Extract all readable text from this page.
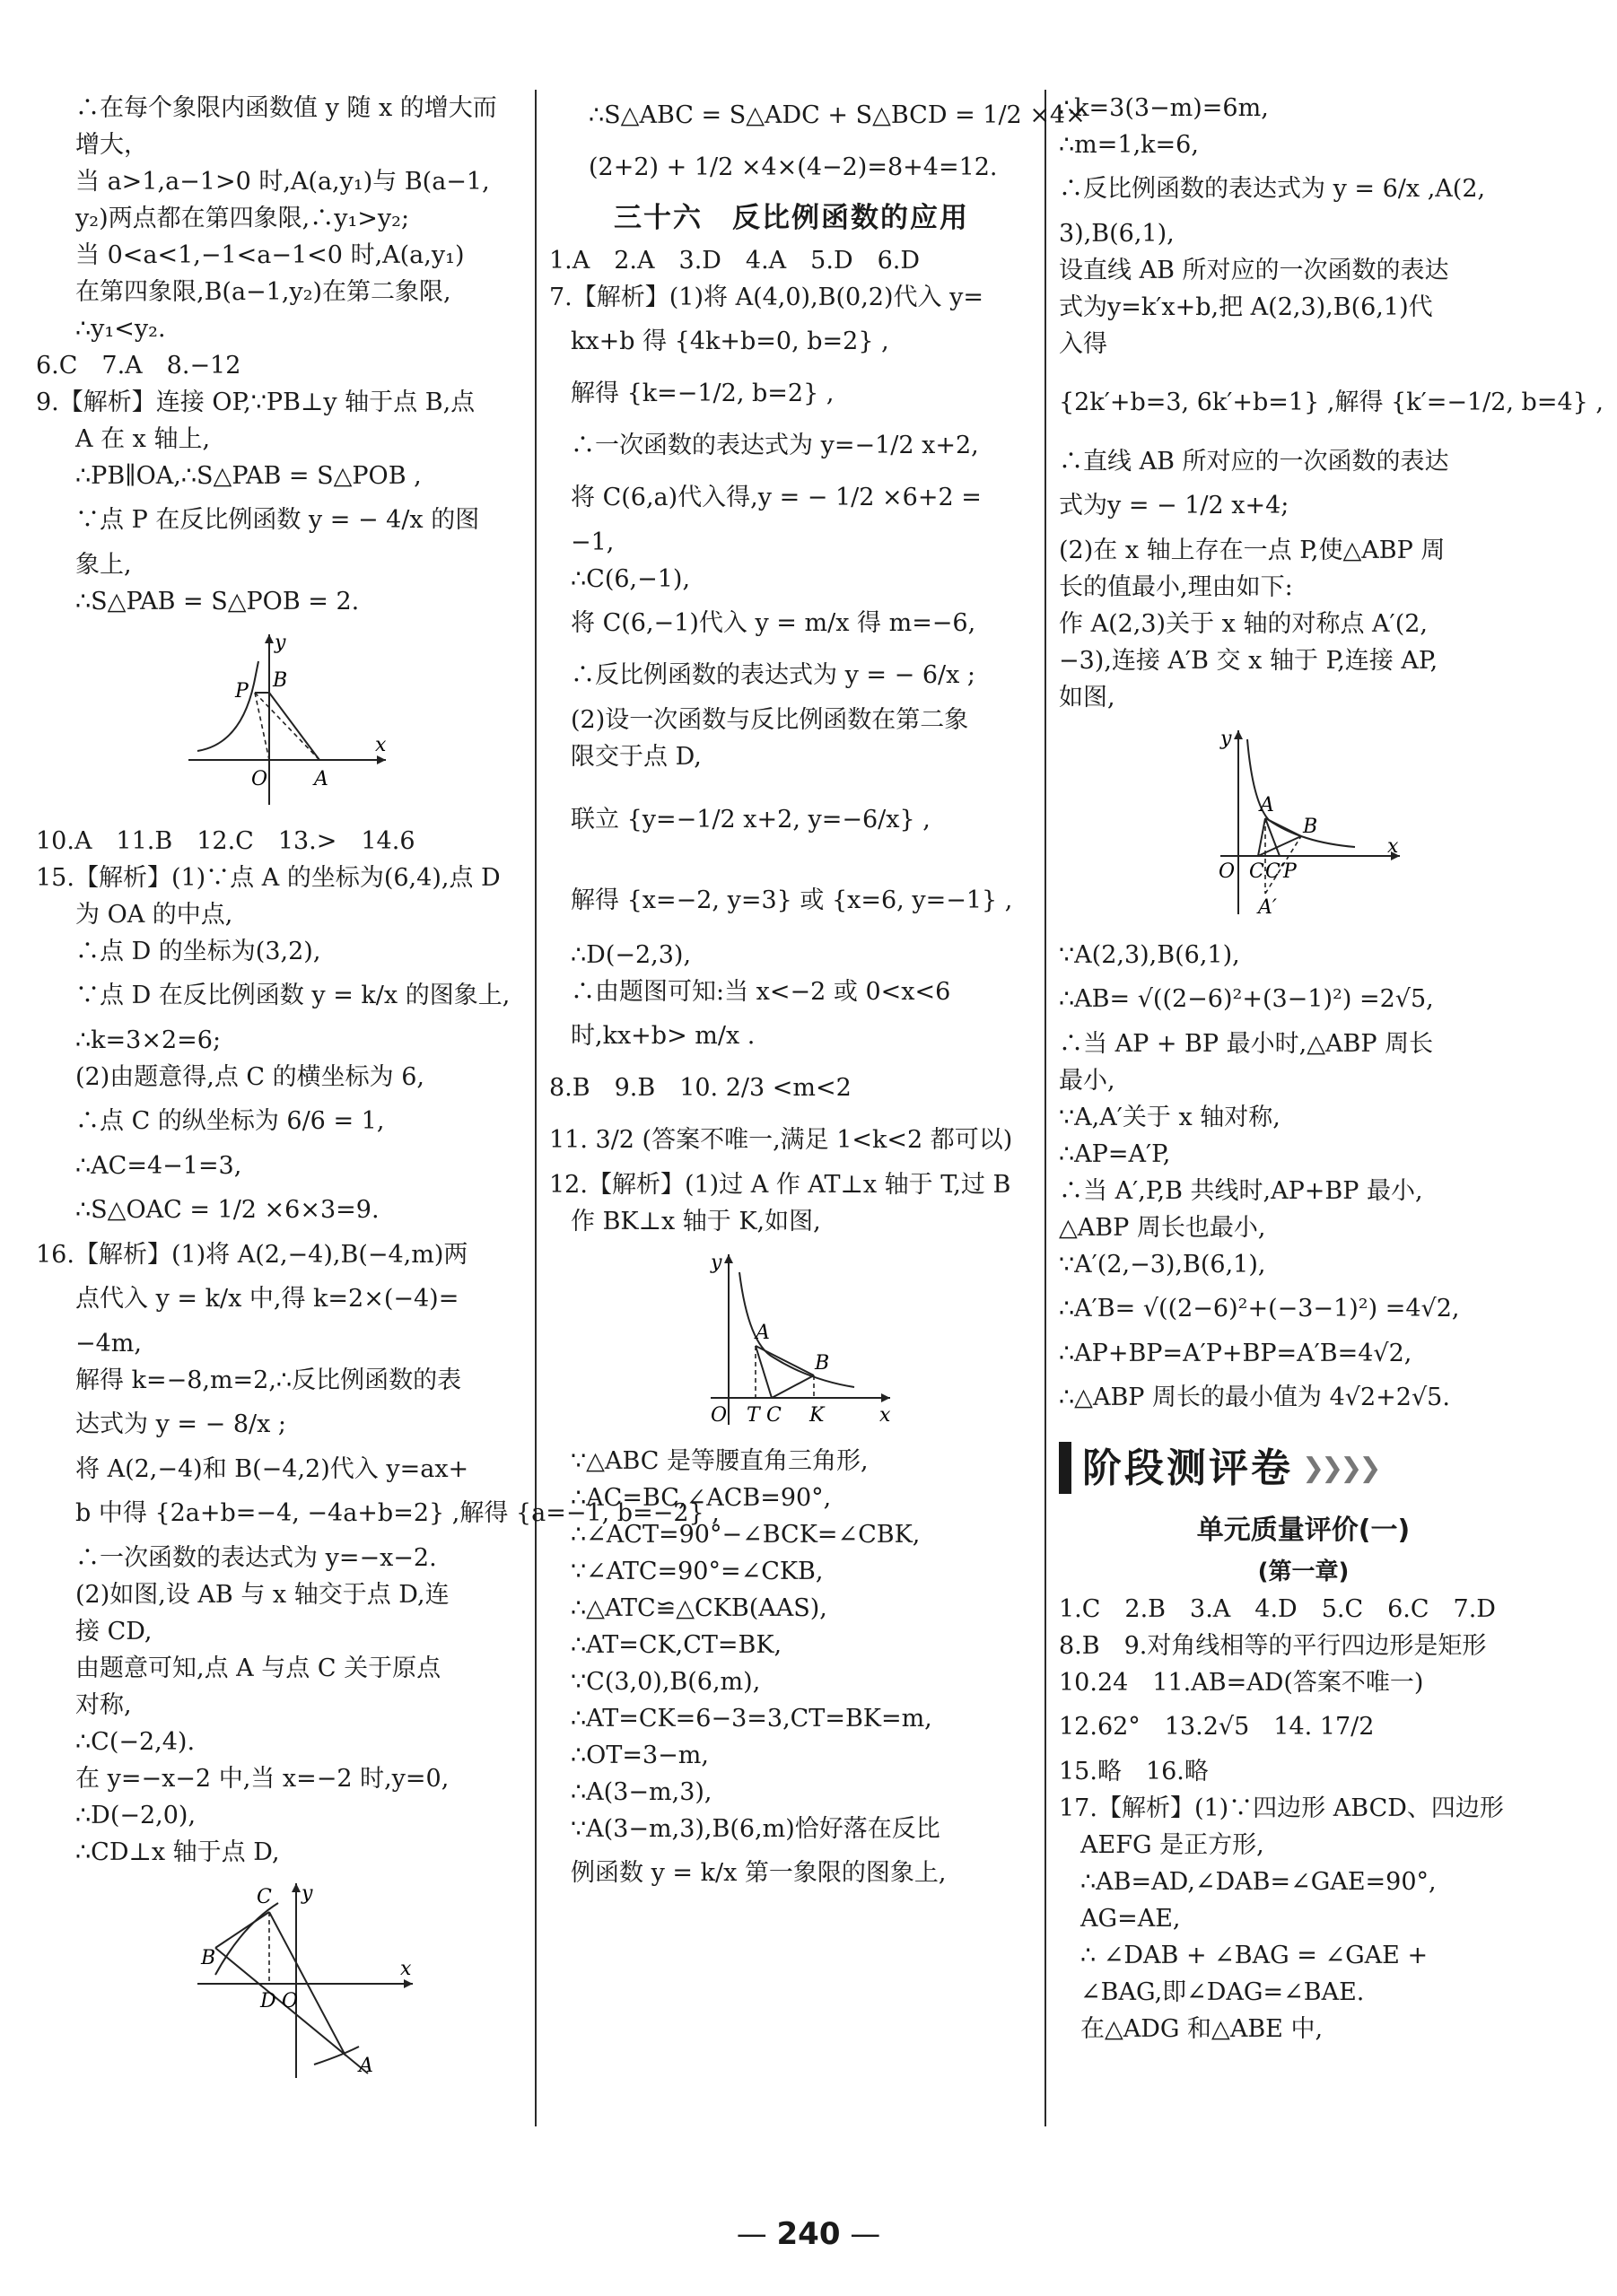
∴在每个象限内函数值 y 随 x 的增大而
增大，
当 a>1,a−1>0 时,A(a,y₁)与 B(a−1,
y₂)两点都在第四象限,∴y₁>y₂;
当 0<a<1,−1<a−1<0 时,A(a,y₁)
在第四象限,B(a−1,y₂)在第二象限,
∴y₁<y₂.
6.C　7.A　8.−12
9.【解析】连接 OP,∵PB⊥y 轴于点 B,点
A 在 x 轴上,
∴PB∥OA,∴S△PAB = S△POB ,
∵点 P 在反比例函数 y = − 4/x 的图
象上,
∴S△PAB = S△POB = 2.
y
P B
O A
x
10.A　11.B　12.C　13.>　14.6
15.【解析】(1)∵点 A 的坐标为(6,4),点 D
为 OA 的中点,
∴点 D 的坐标为(3,2),
∵点 D 在反比例函数 y = k/x 的图象上,
∴k=3×2=6;
(2)由题意得,点 C 的横坐标为 6,
∴点 C 的纵坐标为 6/6 = 1,
∴AC=4−1=3,
∴S△OAC = 1/2 ×6×3=9.
16.【解析】(1)将 A(2,−4),B(−4,m)两
点代入 y = k/x 中,得 k=2×(−4)=
−4m,
解得 k=−8,m=2,∴反比例函数的表
达式为 y = − 8/x ;
将 A(2,−4)和 B(−4,2)代入 y=ax+
b 中得 {2a+b=−4, −4a+b=2} ,解得 {a=−1, b=−2} ,
∴一次函数的表达式为 y=−x−2.
(2)如图,设 AB 与 x 轴交于点 D,连
接 CD,
由题意可知,点 A 与点 C 关于原点
对称,
∴C(−2,4).
在 y=−x−2 中,当 x=−2 时,y=0,
∴D(−2,0),
∴CD⊥x 轴于点 D,
y
C
B
D O
x
A
∴S△ABC = S△ADC + S△BCD = 1/2 ×4×
(2+2) + 1/2 ×4×(4−2)=8+4=12.
三十六　反比例函数的应用
1.A　2.A　3.D　4.A　5.D　6.D
7.【解析】(1)将 A(4,0),B(0,2)代入 y=
kx+b 得 {4k+b=0, b=2} ,
解得 {k=−1/2, b=2} ,
∴一次函数的表达式为 y=−1/2 x+2,
将 C(6,a)代入得,y = − 1/2 ×6+2 =
−1,
∴C(6,−1),
将 C(6,−1)代入 y = m/x 得 m=−6,
∴反比例函数的表达式为 y = − 6/x ;
(2)设一次函数与反比例函数在第二象
限交于点 D,
联立 {y=−1/2 x+2, y=−6/x} ,
解得 {x=−2, y=3} 或 {x=6, y=−1} ,
∴D(−2,3),
∴由题图可知:当 x<−2 或 0<x<6
时,kx+b> m/x .
8.B　9.B　10. 2/3 <m<2
11. 3/2 (答案不唯一,满足 1<k<2 都可以)
12.【解析】(1)过 A 作 AT⊥x 轴于 T,过 B
作 BK⊥x 轴于 K,如图,
y
A
B
O T C K	x
∵△ABC 是等腰直角三角形,
∴AC=BC,∠ACB=90°,
∴∠ACT=90°−∠BCK=∠CBK,
∵∠ATC=90°=∠CKB,
∴△ATC≌△CKB(AAS),
∴AT=CK,CT=BK,
∵C(3,0),B(6,m),
∴AT=CK=6−3=3,CT=BK=m,
∴OT=3−m,
∴A(3−m,3),
∵A(3−m,3),B(6,m)恰好落在反比
例函数 y = k/x 第一象限的图象上,
∴k=3(3−m)=6m,
∴m=1,k=6,
∴反比例函数的表达式为 y = 6/x ,A(2,
3),B(6,1),
设直线 AB 所对应的一次函数的表达
式为y=k′x+b,把 A(2,3),B(6,1)代
入得
{2k′+b=3, 6k′+b=1} ,解得 {k′=−1/2, b=4} ,
∴直线 AB 所对应的一次函数的表达
式为y = − 1/2 x+4;
(2)在 x 轴上存在一点 P,使△ABP 周
长的值最小,理由如下:
作 A(2,3)关于 x 轴的对称点 A′(2,
−3),连接 A′B 交 x 轴于 P,连接 AP,
如图,
y
A
B
O C C′
P
x
A′
∵A(2,3),B(6,1),
∴AB= √((2−6)²+(3−1)²) =2√5,
∴当 AP + BP 最小时,△ABP 周长
最小,
∵A,A′关于 x 轴对称,
∴AP=A′P,
∴当 A′,P,B 共线时,AP+BP 最小,
△ABP 周长也最小,
∵A′(2,−3),B(6,1),
∴A′B= √((2−6)²+(−3−1)²) =4√2,
∴AP+BP=A′P+BP=A′B=4√2,
∴△ABP 周长的最小值为 4√2+2√5.
阶段测评卷 ❯❯❯❯
单元质量评价(一)
(第一章)
1.C　2.B　3.A　4.D　5.C　6.C　7.D
8.B　9.对角线相等的平行四边形是矩形
10.24　11.AB=AD(答案不唯一)
12.62°　13.2√5　14. 17/2
15.略　16.略
17.【解析】(1)∵四边形 ABCD、四边形
AEFG 是正方形,
∴AB=AD,∠DAB=∠GAE=90°,
AG=AE,
∴ ∠DAB + ∠BAG = ∠GAE +
∠BAG,即∠DAG=∠BAE.
在△ADG 和△ABE 中,
— 240 —
